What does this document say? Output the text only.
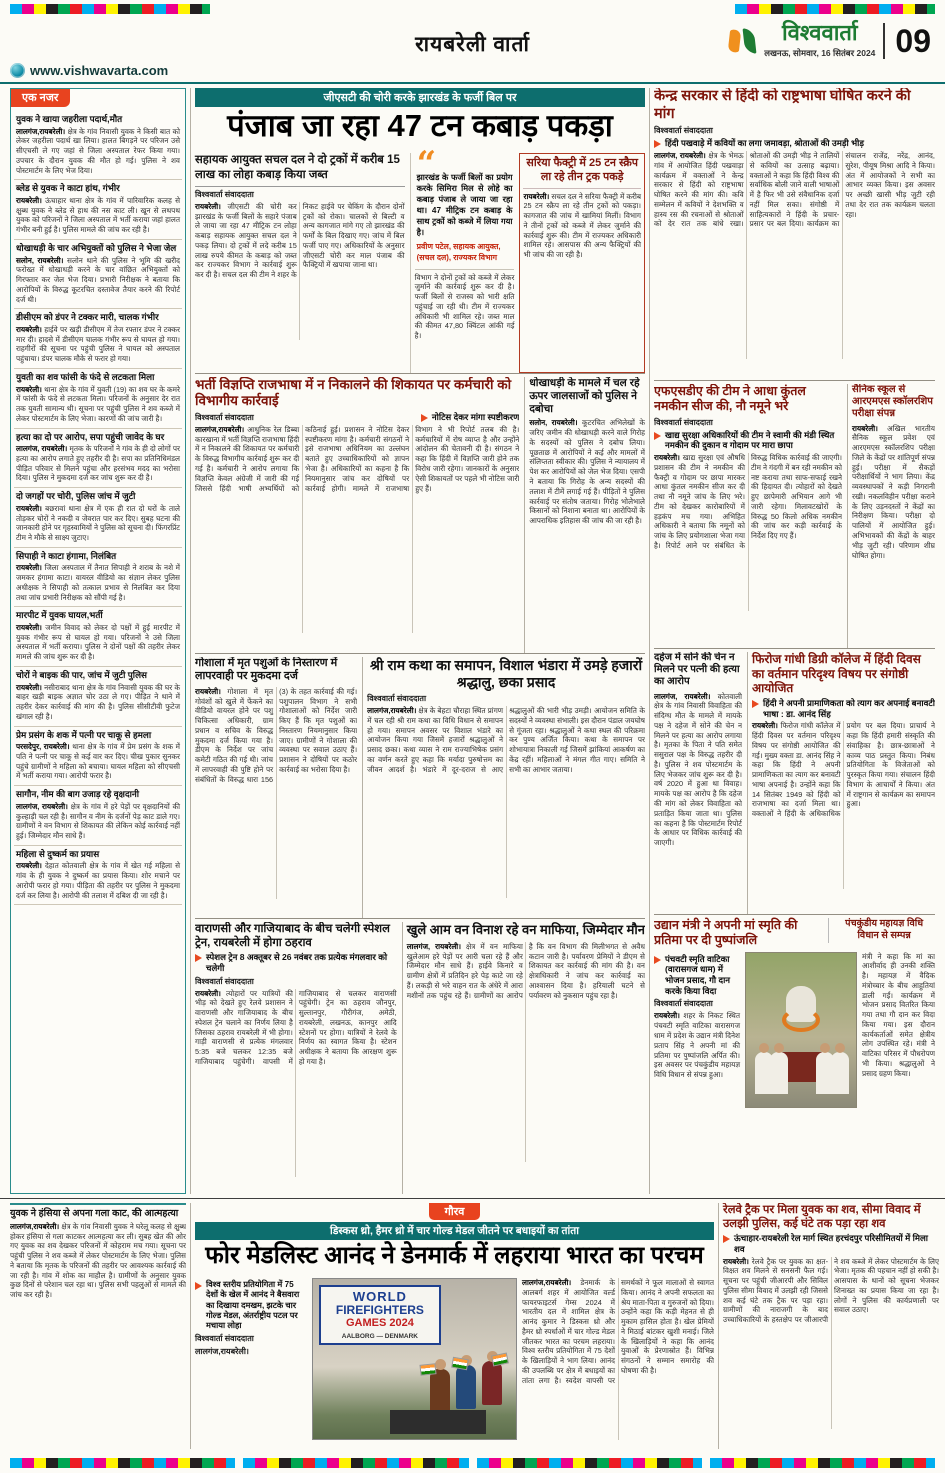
रायबरेली वार्ता
www.vishwavarta.com
विश्ववार्ता
लखनऊ, सोमवार, 16 सितंबर 2024 09
एक नजर
युवक ने खाया जहरीला पदार्थ,मौत

लालगंज,रायबरेली। क्षेत्र के गांव निवासी युवक ने किसी बात को लेकर जहरीला पदार्थ खा लिया। हालत बिगड़ने पर परिजन उसे सीएचसी ले गए जहां से जिला अस्पताल रेफर किया गया। उपचार के दौरान युवक की मौत हो गई। पुलिस ने शव पोस्टमार्टम के लिए भेज दिया।

ब्लेड से युवक ने काटा हांथ, गंभीर

रायबरेली। ऊंचाहार थाना क्षेत्र के गांव में पारिवारिक कलह से क्षुब्ध युवक ने ब्लेड से हाथ की नस काट ली। खून से लथपथ युवक को परिजनों ने जिला अस्पताल में भर्ती कराया जहां हालत गंभीर बनी हुई है। पुलिस मामले की जांच कर रही है।

धोखाधड़ी के चार अभियुक्तों को पुलिस ने भेजा जेल

सलोन, रायबरेली। सलोन थाने की पुलिस ने भूमि की खरीद फरोख्त में धोखाधड़ी करने के चार वांछित अभियुक्तों को गिरफ्तार कर जेल भेज दिया। प्रभारी निरीक्षक ने बताया कि आरोपियों के विरुद्ध कूटरचित दस्तावेज तैयार करने की रिपोर्ट दर्ज थी।

डीसीएम को डंपर ने टक्कर मारी, चालक गंभीर

रायबरेली। हाईवे पर खड़ी डीसीएम में तेज रफ्तार डंपर ने टक्कर मार दी। हादसे में डीसीएम चालक गंभीर रूप से घायल हो गया। राहगीरों की सूचना पर पहुंची पुलिस ने घायल को अस्पताल पहुंचाया। डंपर चालक मौके से फरार हो गया।

युवती का शव फांसी के फंदे से लटकता मिला

रायबरेली। थाना क्षेत्र के गांव में युवती (19) का शव घर के कमरे में फांसी के फंदे से लटकता मिला। परिजनों के अनुसार देर रात तक युवती सामान्य थी। सूचना पर पहुंची पुलिस ने शव कब्जे में लेकर पोस्टमार्टम के लिए भेजा। कारणों की जांच जारी है।

हत्या का दो पर आरोप, सपा पहुंची जावेद के घर

लालगंज, रायबरेली। मृतक के परिजनों ने गांव के ही दो लोगों पर हत्या का आरोप लगाते हुए तहरीर दी है। सपा का प्रतिनिधिमंडल पीड़ित परिवार से मिलने पहुंचा और हरसंभव मदद का भरोसा दिया। पुलिस ने मुकदमा दर्ज कर जांच शुरू कर दी है।

दो जगहों पर चोरी, पुलिस जांच में जुटी

रायबरेली। बछरावां थाना क्षेत्र में एक ही रात दो घरों के ताले तोड़कर चोरों ने नकदी व जेवरात पार कर दिए। सुबह घटना की जानकारी होने पर गृहस्वामियों ने पुलिस को सूचना दी। फिंगरप्रिंट टीम ने मौके से साक्ष्य जुटाए।

सिपाही ने काटा हंगामा, निलंबित

रायबरेली। जिला अस्पताल में तैनात सिपाही ने शराब के नशे में जमकर हंगामा काटा। वायरल वीडियो का संज्ञान लेकर पुलिस अधीक्षक ने सिपाही को तत्काल प्रभाव से निलंबित कर दिया तथा जांच प्रभारी निरीक्षक को सौंपी गई है।

मारपीट में युवक घायल,भर्ती

रायबरेली। जमीन विवाद को लेकर दो पक्षों में हुई मारपीट में युवक गंभीर रूप से घायल हो गया। परिजनों ने उसे जिला अस्पताल में भर्ती कराया। पुलिस ने दोनों पक्षों की तहरीर लेकर मामले की जांच शुरू कर दी है।

चोरों ने बाइक की पार, जांच में जुटी पुलिस

रायबरेली। नसीराबाद थाना क्षेत्र के गांव निवासी युवक की घर के बाहर खड़ी बाइक अज्ञात चोर उठा ले गए। पीड़ित ने थाने में तहरीर देकर कार्रवाई की मांग की है। पुलिस सीसीटीवी फुटेज खंगाल रही है।

प्रेम प्रसंग के शक में पत्नी पर चाकू से हमला

परसदेपुर, रायबरेली। थाना क्षेत्र के गांव में प्रेम प्रसंग के शक में पति ने पत्नी पर चाकू से कई वार कर दिए। चीख पुकार सुनकर पहुंचे ग्रामीणों ने महिला को बचाया। घायल महिला को सीएचसी में भर्ती कराया गया। आरोपी फरार है।

सागौन, नीम की बाग उजाड़ रहे वृक्षदानी

लालगंज, रायबरेली। क्षेत्र के गांव में हरे पेड़ों पर वृक्षदानियों की कुल्हाड़ी चल रही है। सागौन व नीम के दर्जनों पेड़ काट डाले गए। ग्रामीणों ने वन विभाग से शिकायत की लेकिन कोई कार्रवाई नहीं हुई। जिम्मेदार मौन साधे हैं।

महिला से दुष्कर्म का प्रयास

रायबरेली। देहात कोतवाली क्षेत्र के गांव में खेत गई महिला से गांव के ही युवक ने दुष्कर्म का प्रयास किया। शोर मचाने पर आरोपी फरार हो गया। पीड़िता की तहरीर पर पुलिस ने मुकदमा दर्ज कर लिया है। आरोपी की तलाश में दबिश दी जा रही है।

जीएसटी की चोरी करके झारखंड के फर्जी बिल पर
पंजाब जा रहा 47 टन कबाड़ पकड़ा
सहायक आयुक्त सचल दल ने दो ट्रकों में करीब 15 लाख का लोहा कबाड़ किया जब्त
विश्ववार्ता संवाददाता

रायबरेली। जीएसटी की चोरी कर झारखंड के फर्जी बिलों के सहारे पंजाब ले जाया जा रहा 47 मीट्रिक टन लोहा कबाड़ सहायक आयुक्त सचल दल ने पकड़ लिया। दो ट्रकों में लदे करीब 15 लाख रुपये कीमत के कबाड़ को जब्त कर राज्यकर विभाग ने कार्रवाई शुरू कर दी है। सचल दल की टीम ने शहर के निकट हाईवे पर चेकिंग के दौरान दोनों ट्रकों को रोका। चालकों से बिल्टी व अन्य कागजात मांगे गए तो झारखंड की फर्मों के बिल दिखाए गए। जांच में बिल फर्जी पाए गए। अधिकारियों के अनुसार जीएसटी चोरी कर माल पंजाब की फैक्ट्रियों में खपाया जाना था।

“

झारखंड के फर्जी बिलों का प्रयोग करके सिमिरा मिल से लोहे का कबाड़ पंजाब ले जाया जा रहा था। 47 मीट्रिक टन कबाड़ के साथ ट्रकों को कब्जे में लिया गया है।

प्रवीण पटेल, सहायक आयुक्त, (सचल दल), राज्यकर विभाग

विभाग ने दोनों ट्रकों को कब्जे में लेकर जुर्माने की कार्रवाई शुरू कर दी है। फर्जी बिलों से राजस्व को भारी क्षति पहुंचाई जा रही थी। टीम में राज्यकर अधिकारी भी शामिल रहे। जब्त माल की कीमत 47,80 क्विंटल आंकी गई है।

सरिया फैक्ट्री में 25 टन स्क्रैप ला रहे तीन ट्रक पकड़े

रायबरेली। सचल दल ने सरिया फैक्ट्री में करीब 25 टन स्क्रैप ला रहे तीन ट्रकों को पकड़ा। कागजात की जांच में खामियां मिलीं। विभाग ने तीनों ट्रकों को कब्जे में लेकर जुर्माने की कार्रवाई शुरू की। टीम में राज्यकर अधिकारी शामिल रहे। आसपास की अन्य फैक्ट्रियों की भी जांच की जा रही है।

भर्ती विज्ञप्ति राजभाषा में न निकालने की शिकायत पर कर्मचारी को विभागीय कार्रवाई
विश्ववार्ता संवाददाता	नोटिस देकर मांगा स्पष्टीकरण

लालगंज,रायबरेली। आधुनिक रेल डिब्बा कारखाना में भर्ती विज्ञप्ति राजभाषा हिंदी में न निकालने की शिकायत पर कर्मचारी के विरुद्ध विभागीय कार्रवाई शुरू कर दी गई है। कर्मचारी ने आरोप लगाया कि विज्ञप्ति केवल अंग्रेजी में जारी की गई जिससे हिंदी भाषी अभ्यर्थियों को कठिनाई हुई। प्रशासन ने नोटिस देकर स्पष्टीकरण मांगा है। कर्मचारी संगठनों ने इसे राजभाषा अधिनियम का उल्लंघन बताते हुए उच्चाधिकारियों को ज्ञापन भेजा है। अधिकारियों का कहना है कि नियमानुसार जांच कर दोषियों पर कार्रवाई होगी। मामले में राजभाषा विभाग ने भी रिपोर्ट तलब की है। कर्मचारियों में रोष व्याप्त है और उन्होंने आंदोलन की चेतावनी दी है। संगठन ने कहा कि हिंदी में विज्ञप्ति जारी होने तक विरोध जारी रहेगा। जानकारों के अनुसार ऐसी शिकायतों पर पहले भी नोटिस जारी हुए हैं।

धोखाधड़ी के मामले में चल रहे ऊपर जालसाजों को पुलिस ने दबोचा

सलोन, रायबरेली। कूटरचित अभिलेखों के जरिए जमीन की धोखाधड़ी करने वाले गिरोह के सदस्यों को पुलिस ने दबोच लिया। पूछताछ में आरोपियों ने कई और मामलों में संलिप्तता स्वीकार की। पुलिस ने न्यायालय में पेश कर आरोपियों को जेल भेज दिया। एसपी ने बताया कि गिरोह के अन्य सदस्यों की तलाश में टीमें लगाई गई हैं। पीड़ितों ने पुलिस कार्रवाई पर संतोष जताया। गिरोह भोलेभाले किसानों को निशाना बनाता था। आरोपियों के आपराधिक इतिहास की जांच की जा रही है।

गोशाला में मृत पशुओं के निस्तारण में लापरवाही पर मुकदमा दर्ज

रायबरेली। गोशाला में मृत गोवंशों को खुले में फेंकने का वीडियो वायरल होने पर पशु चिकित्सा अधिकारी, ग्राम प्रधान व सचिव के विरुद्ध मुकदमा दर्ज किया गया है। डीएम के निर्देश पर जांच कमेटी गठित की गई थी। जांच में लापरवाही की पुष्टि होने पर संबंधितों के विरुद्ध धारा 156 (3) के तहत कार्रवाई की गई। पशुपालन विभाग ने सभी गोशालाओं को निर्देश जारी किए हैं कि मृत पशुओं का निस्तारण नियमानुसार किया जाए। ग्रामीणों ने गोशाला की व्यवस्था पर सवाल उठाए हैं। प्रशासन ने दोषियों पर कठोर कार्रवाई का भरोसा दिया है।

श्री राम कथा का समापन, विशाल भंडारा में उमड़े हजारों श्रद्धालु, छका प्रसाद
विश्ववार्ता संवाददाता

लालगंज,रायबरेली। क्षेत्र के बेहटा चौराहा स्थित प्रांगण में चल रही श्री राम कथा का विधि विधान से समापन हो गया। समापन अवसर पर विशाल भंडारे का आयोजन किया गया जिसमें हजारों श्रद्धालुओं ने प्रसाद छका। कथा व्यास ने राम राज्याभिषेक प्रसंग का वर्णन करते हुए कहा कि मर्यादा पुरुषोत्तम का जीवन आदर्श है। भंडारे में दूर-दराज से आए श्रद्धालुओं की भारी भीड़ उमड़ी। आयोजन समिति के सदस्यों ने व्यवस्था संभाली। इस दौरान पंडाल जयघोष से गूंजता रहा। श्रद्धालुओं ने कथा स्थल की परिक्रमा कर पुण्य अर्जित किया। कथा के समापन पर शोभायात्रा निकाली गई जिसमें झांकियां आकर्षण का केंद्र रहीं। महिलाओं ने मंगल गीत गाए। समिति ने सभी का आभार जताया।

वाराणसी और गाजियाबाद के बीच चलेगी स्पेशल ट्रेन, रायबरेली में होगा ठहराव
स्पेशल ट्रेन 8 अक्तूबर से 26 नवंबर तक प्रत्येक मंगलवार को चलेगी
विश्ववार्ता संवाददाता

रायबरेली। त्योहारों पर यात्रियों की भीड़ को देखते हुए रेलवे प्रशासन ने वाराणसी और गाजियाबाद के बीच स्पेशल ट्रेन चलाने का निर्णय लिया है जिसका ठहराव रायबरेली में भी होगा। गाड़ी वाराणसी से प्रत्येक मंगलवार 5:35 बजे चलकर 12:35 बजे गाजियाबाद पहुंचेगी। वापसी में गाजियाबाद से चलकर वाराणसी पहुंचेगी। ट्रेन का ठहराव जौनपुर, सुल्तानपुर, गौरीगंज, अमेठी, रायबरेली, लखनऊ, कानपुर आदि स्टेशनों पर होगा। यात्रियों ने रेलवे के निर्णय का स्वागत किया है। स्टेशन अधीक्षक ने बताया कि आरक्षण शुरू हो गया है।

खुले आम वन विनाश रहे वन माफिया, जिम्मेदार मौन

लालगंज, रायबरेली। क्षेत्र में वन माफिया खुलेआम हरे पेड़ों पर आरी चला रहे हैं और जिम्मेदार मौन साधे हैं। हाईवे किनारे व ग्रामीण क्षेत्रों में प्रतिदिन हरे पेड़ काटे जा रहे हैं। लकड़ी से भरे वाहन रात के अंधेरे में आरा मशीनों तक पहुंच रहे हैं। ग्रामीणों का आरोप है कि वन विभाग की मिलीभगत से अवैध कटान जारी है। पर्यावरण प्रेमियों ने डीएम से शिकायत कर कार्रवाई की मांग की है। वन क्षेत्राधिकारी ने जांच कर कार्रवाई का आश्वासन दिया है। हरियाली घटने से पर्यावरण को नुकसान पहुंच रहा है।

केन्द्र सरकार से हिंदी को राष्ट्रभाषा घोषित करने की मांग
विश्ववार्ता संवाददाता
हिंदी पखवाड़े में कवियों का लगा जमावड़ा, श्रोताओं की उमड़ी भीड़

लालगंज, रायबरेली। क्षेत्र के भेमऊ गांव में आयोजित हिंदी पखवाड़ा कार्यक्रम में वक्ताओं ने केन्द्र सरकार से हिंदी को राष्ट्रभाषा घोषित करने की मांग की। कवि सम्मेलन में कवियों ने देशभक्ति व हास्य रस की रचनाओं से श्रोताओं को देर रात तक बांधे रखा। श्रोताओं की उमड़ी भीड़ ने तालियों से कवियों का उत्साह बढ़ाया। वक्ताओं ने कहा कि हिंदी विश्व की सर्वाधिक बोली जाने वाली भाषाओं में है फिर भी उसे संवैधानिक दर्जा नहीं मिल सका। संगोष्ठी में साहित्यकारों ने हिंदी के प्रचार-प्रसार पर बल दिया। कार्यक्रम का संचालन राजेंद्र, नरेंद्र, आनंद, सुरेश, पीयूष मिश्रा आदि ने किया। अंत में आयोजकों ने सभी का आभार व्यक्त किया। इस अवसर पर अच्छी खासी भीड़ जुटी रही तथा देर रात तक कार्यक्रम चलता रहा।

एफएसडीए की टीम ने आधा कुंतल नमकीन सीज की, नौ नमूने भरे
विश्ववार्ता संवाददाता
खाद्य सुरक्षा अधिकारियों की टीम ने स्वामी की मंडी स्थित नमकीन की दुकान व गोदाम पर मारा छापा

रायबरेली। खाद्य सुरक्षा एवं औषधि प्रशासन की टीम ने नमकीन की फैक्ट्री व गोदाम पर छापा मारकर आधा कुंतल नमकीन सीज कर दी तथा नौ नमूने जांच के लिए भरे। टीम को देखकर कारोबारियों में हड़कंप मच गया। अभिहित अधिकारी ने बताया कि नमूनों को जांच के लिए प्रयोगशाला भेजा गया है। रिपोर्ट आने पर संबंधित के विरुद्ध विधिक कार्रवाई की जाएगी। टीम ने गंदगी में बन रही नमकीन को नष्ट कराया तथा साफ-सफाई रखने की हिदायत दी। त्योहारों को देखते हुए छापेमारी अभियान आगे भी जारी रहेगा। मिलावटखोरों के विरुद्ध 50 किलो अधिक नमकीन की जांच कर कड़ी कार्रवाई के निर्देश दिए गए हैं।

सैनिक स्कूल से आरएमएस स्कॉलरशिप परीक्षा संपन्न

रायबरेली। अखिल भारतीय सैनिक स्कूल प्रवेश एवं आरएमएस स्कॉलरशिप परीक्षा जिले के केंद्रों पर शांतिपूर्ण संपन्न हुई। परीक्षा में सैकड़ों परीक्षार्थियों ने भाग लिया। केंद्र व्यवस्थापकों ने कड़ी निगरानी रखी। नकलविहीन परीक्षा कराने के लिए उड़नदस्तों ने केंद्रों का निरीक्षण किया। परीक्षा दो पालियों में आयोजित हुई। अभिभावकों की केंद्रों के बाहर भीड़ जुटी रही। परिणाम शीघ्र घोषित होगा।

दहेज में सोने की चेन न मिलने पर पत्नी की हत्या का आरोप

लालगंज, रायबरेली। कोतवाली क्षेत्र के गांव निवासी विवाहिता की संदिग्ध मौत के मामले में मायके पक्ष ने दहेज में सोने की चेन न मिलने पर हत्या का आरोप लगाया है। मृतका के पिता ने पति समेत ससुराल पक्ष के विरुद्ध तहरीर दी है। पुलिस ने शव पोस्टमार्टम के लिए भेजकर जांच शुरू कर दी है। वर्ष 2020 में हुआ था विवाह। मायके पक्ष का आरोप है कि दहेज की मांग को लेकर विवाहिता को प्रताड़ित किया जाता था। पुलिस का कहना है कि पोस्टमार्टम रिपोर्ट के आधार पर विधिक कार्रवाई की जाएगी।

फिरोज गांधी डिग्री कॉलेज में हिंदी दिवस का वर्तमान परिदृश्य विषय पर संगोष्ठी आयोजित
हिंदी ने अपनी प्रामाणिकता को त्याग कर अपनाई बनावटी भाषा : डा. आनंद सिंह

रायबरेली। फिरोज गांधी कॉलेज में हिंदी दिवस पर वर्तमान परिदृश्य विषय पर संगोष्ठी आयोजित की गई। मुख्य वक्ता डा. आनंद सिंह ने कहा कि हिंदी ने अपनी प्रामाणिकता का त्याग कर बनावटी भाषा अपनाई है। उन्होंने कहा कि 14 सितंबर 1949 को हिंदी को राजभाषा का दर्जा मिला था। वक्ताओं ने हिंदी के अधिकाधिक प्रयोग पर बल दिया। प्राचार्य ने कहा कि हिंदी हमारी संस्कृति की संवाहिका है। छात्र-छात्राओं ने काव्य पाठ प्रस्तुत किया। निबंध प्रतियोगिता के विजेताओं को पुरस्कृत किया गया। संचालन हिंदी विभाग के आचार्यों ने किया। अंत में राष्ट्रगान से कार्यक्रम का समापन हुआ।

उद्यान मंत्री ने अपनी मां स्मृति की प्रतिमा पर दी पुष्पांजलि
पंचकुंडीय महायज्ञ विधि विधान से सम्पन्न
पंचवटी स्मृति वाटिका (वारासगज धाम) में भोजन प्रसाद, गौ दान करके किया विदा
विश्ववार्ता संवाददाता

रायबरेली। शहर के निकट स्थित पंचवटी स्मृति वाटिका वारासगज धाम में प्रदेश के उद्यान मंत्री दिनेश प्रताप सिंह ने अपनी मां की प्रतिमा पर पुष्पांजलि अर्पित की। इस अवसर पर पंचकुंडीय महायज्ञ विधि विधान से संपन्न हुआ।

मंत्री ने कहा कि मां का आशीर्वाद ही उनकी शक्ति है। महायज्ञ में वैदिक मंत्रोच्चार के बीच आहुतियां डाली गईं। कार्यक्रम में भोजन प्रसाद वितरित किया गया तथा गौ दान कर विदा किया गया। इस दौरान कार्यकर्ताओं समेत क्षेत्रीय लोग उपस्थित रहे। मंत्री ने वाटिका परिसर में पौधरोपण भी किया। श्रद्धालुओं ने प्रसाद ग्रहण किया।

युवक ने हंसिया से अपना गला काट, की आत्महत्या

लालगंज,रायबरेली। क्षेत्र के गांव निवासी युवक ने घरेलू कलह से क्षुब्ध होकर हंसिया से गला काटकर आत्महत्या कर ली। सुबह खेत की ओर गए युवक का शव देखकर परिजनों में कोहराम मच गया। सूचना पर पहुंची पुलिस ने शव कब्जे में लेकर पोस्टमार्टम के लिए भेजा। पुलिस ने बताया कि मृतक के परिजनों की तहरीर पर आवश्यक कार्रवाई की जा रही है। गांव में शोक का माहौल है। ग्रामीणों के अनुसार युवक कुछ दिनों से परेशान चल रहा था। पुलिस सभी पहलुओं से मामले की जांच कर रही है।

गौरव
डिस्कस थ्रो, हैमर थ्रो में चार गोल्ड मेडल जीतने पर बधाइयों का तांता
फोर मेडलिस्ट आनंद ने डेनमार्क में लहराया भारत का परचम
विश्व स्तरीय प्रतियोगिता में 75 देशों के खेल में आनंद ने बैसवारा का दिखाया दमखम, झटके चार गोल्ड मेडल, अंतर्राष्ट्रीय पटल पर मचाया लोहा
विश्ववार्ता संवाददाता
लालगंज,रायबरेली।
WORLD
FIREFIGHTERS
GAMES 2024
AALBORG — DENMARK

लालगंज,रायबरेली। डेनमार्क के आलबर्ग शहर में आयोजित वर्ल्ड फायरफाइटर्स गेम्स 2024 में भारतीय दल में शामिल क्षेत्र के आनंद कुमार ने डिस्कस थ्रो और हैमर थ्रो स्पर्धाओं में चार गोल्ड मेडल जीतकर भारत का परचम लहराया। विश्व स्तरीय प्रतियोगिता में 75 देशों के खिलाड़ियों ने भाग लिया। आनंद की उपलब्धि पर क्षेत्र में बधाइयों का तांता लगा है। स्वदेश वापसी पर समर्थकों ने फूल मालाओं से स्वागत किया। आनंद ने अपनी सफलता का श्रेय माता-पिता व गुरुजनों को दिया। उन्होंने कहा कि कड़ी मेहनत से ही मुकाम हासिल होता है। खेल प्रेमियों ने मिठाई बांटकर खुशी मनाई। जिले के खिलाड़ियों ने कहा कि आनंद युवाओं के प्रेरणास्रोत हैं। विभिन्न संगठनों ने सम्मान समारोह की घोषणा की है।

रेलवे ट्रैक पर मिला युवक का शव, सीमा विवाद में उलझी पुलिस, कई घंटे तक पड़ा रहा शव
ऊंचाहार-रायबरेली रेल मार्ग स्थित हरचंदपुर परिसीमितयों में मिला शव

रायबरेली। रेलवे ट्रैक पर युवक का क्षत-विक्षत शव मिलने से सनसनी फैल गई। सूचना पर पहुंची जीआरपी और सिविल पुलिस सीमा विवाद में उलझी रही जिससे शव कई घंटे तक ट्रैक पर पड़ा रहा। ग्रामीणों की नाराजगी के बाद उच्चाधिकारियों के हस्तक्षेप पर जीआरपी ने शव कब्जे में लेकर पोस्टमार्टम के लिए भेजा। मृतक की पहचान नहीं हो सकी है। आसपास के थानों को सूचना भेजकर शिनाख्त का प्रयास किया जा रहा है। लोगों ने पुलिस की कार्यप्रणाली पर सवाल उठाए।
